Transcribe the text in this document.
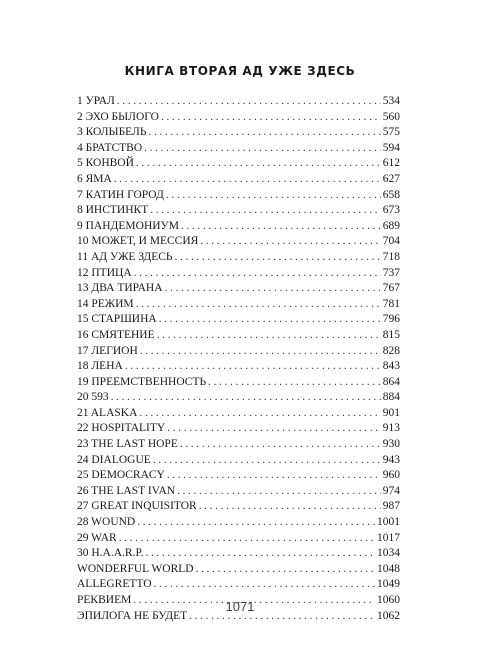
КНИГА ВТОРАЯ АД УЖЕ ЗДЕСЬ
1 УРАЛ .....	534
2 ЭХО БЫЛОГО .....	560
3 КОЛЫБЕЛЬ .....	575
4 БРАТСТВО .....	594
5 КОНВОЙ .....	612
6 ЯМА .....	627
7 КАТИН ГОРОД .....	658
8 ИНСТИНКТ .....	673
9 ПАНДЕМОНИУМ .....	689
10 МОЖЕТ, И МЕССИЯ .....	704
11 АД УЖЕ ЗДЕСЬ .....	718
12 ПТИЦА .....	737
13 ДВА ТИРАНА .....	767
14 РЕЖИМ .....	781
15 СТАРШИНА .....	796
16 СМЯТЕНИЕ .....	815
17 ЛЕГИОН .....	828
18 ЛЕНА .....	843
19 ПРЕЕМСТВЕННОСТЬ .....	864
20 593 .....	884
21 ALASKA .....	901
22 HOSPITALITY .....	913
23 THE LAST HOPE .....	930
24 DIALOGUE .....	943
25 DEMOCRACY .....	960
26 THE LAST IVAN .....	974
27 GREAT INQUISITOR .....	987
28 WOUND .....	1001
29 WAR .....	1017
30 H.A.A.R.P. .....	1034
WONDERFUL WORLD .....	1048
ALLEGRETTO .....	1049
РЕКВИЕМ .....	1060
ЭПИЛОГА НЕ БУДЕТ .....	1062
1071
